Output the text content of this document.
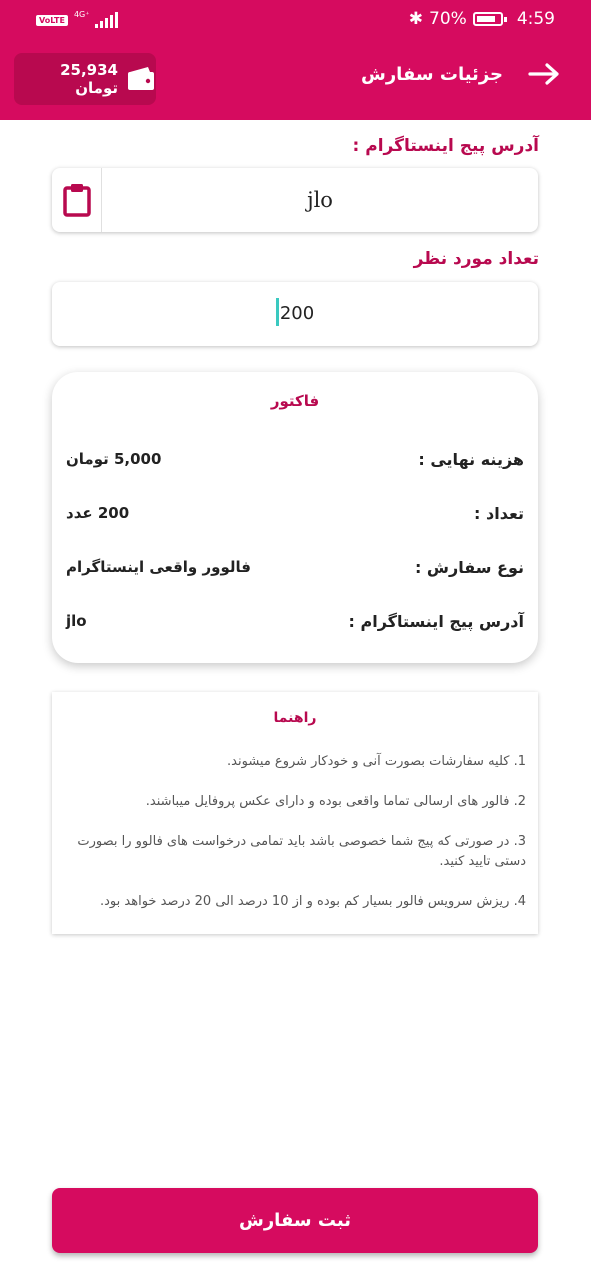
VoLTE
4G⁺	✱ 70%	4:59
25,934 تومان
جزئیات سفارش
آدرس پیج اینستاگرام :
jlo
تعداد مورد نظر
200
فاکتور
هزینه نهایی :
5,000 تومان
تعداد :
200 عدد
نوع سفارش :
فالوور واقعی اینستاگرام
آدرس پیج اینستاگرام :
jlo
راهنما
1. کلیه سفارشات بصورت آنی و خودکار شروع میشوند.
2. فالور های ارسالی تماما واقعی بوده و دارای عکس پروفایل میباشند.
3. در صورتی که پیج شما خصوصی باشد باید تمامی درخواست های فالوو را بصورت دستی تایید کنید.
4. ریزش سرویس فالور بسیار کم بوده و از 10 درصد الی 20 درصد خواهد بود.
ثبت سفارش
